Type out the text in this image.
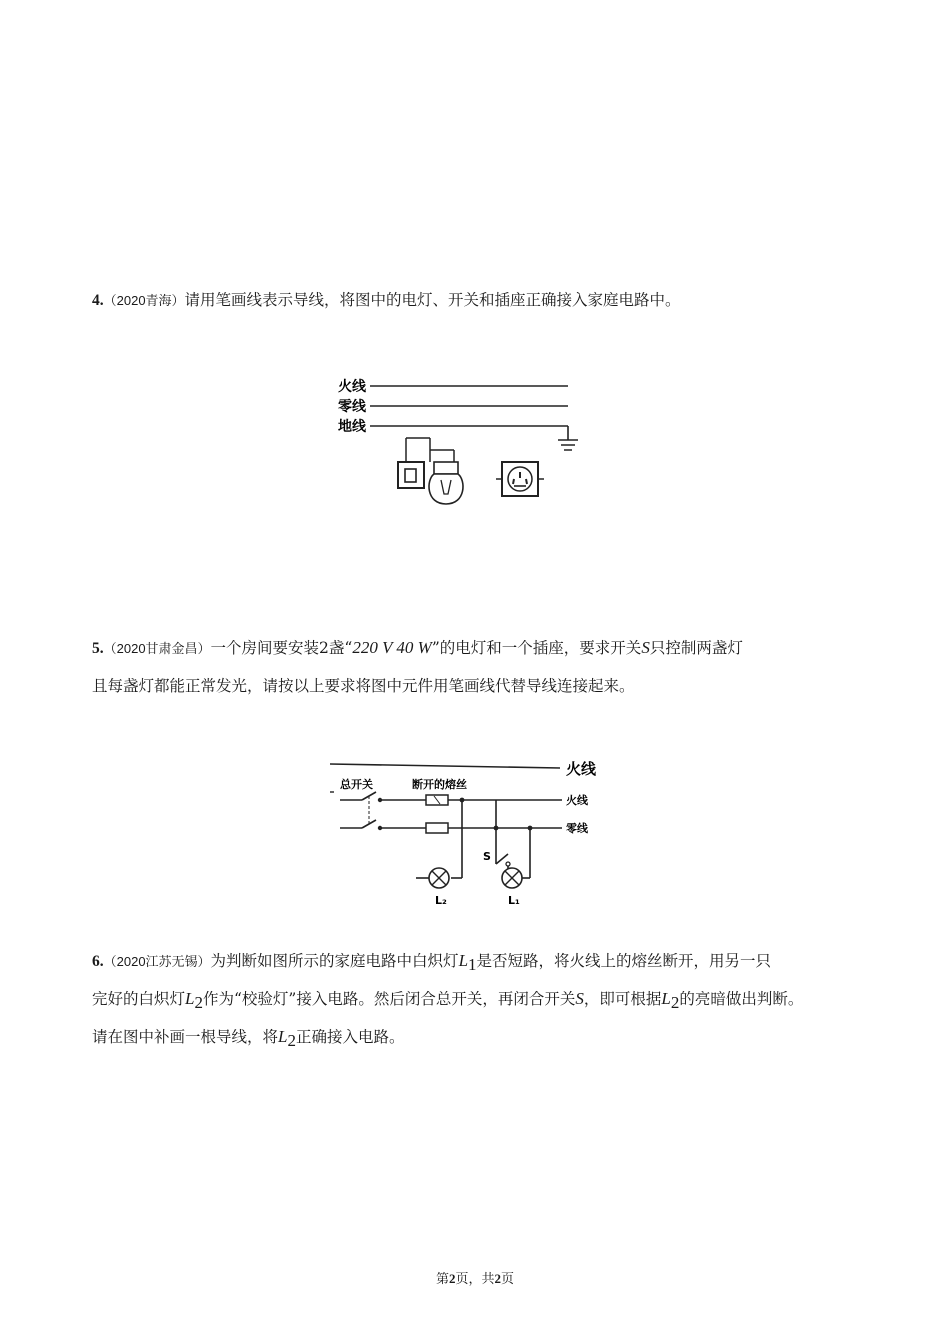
4.（2020青海）请用笔画线表示导线，将图中的电灯、开关和插座正确接入家庭电路中。
火线
零线
地线
5.（2020甘肃金昌）一个房间要安装2盏“220 V 40 W”的电灯和一个插座，要求开关S只控制两盏灯
且每盏灯都能正常发光，请按以上要求将图中元件用笔画线代替导线连接起来。
火线
总开关	断开的熔丝
火线
零线
L₂
S
L₁
6.（2020江苏无锡）为判断如图所示的家庭电路中白炽灯$L_1$是否短路，将火线上的熔丝断开，用另一只
完好的白炽灯$L_2$作为“校验灯”接入电路。然后闭合总开关，再闭合开关S，即可根据$L_2$的亮暗做出判断。
请在图中补画一根导线，将$L_2$正确接入电路。
第2页，共2页
